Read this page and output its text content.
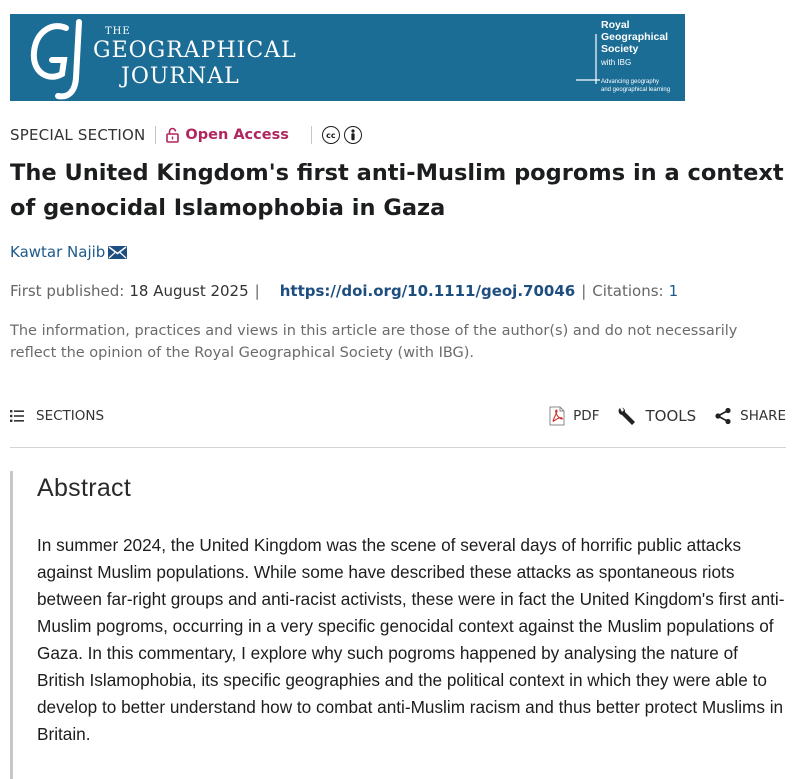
THE
GEOGRAPHICAL
JOURNAL
Royal
Geographical
Society
with IBG
Advancing geography
and geographical learning
SPECIAL SECTION	Open Access	cc
The United Kingdom's first anti-Muslim pogroms in a context of genocidal Islamophobia in Gaza
Kawtar Najib
First published: 18 August 2025 | https://doi.org/10.1111/geoj.70046 | Citations: 1

The information, practices and views in this article are those of the author(s) and do not necessarily reflect the opinion of the Royal Geographical Society (with IBG).

SECTIONS	PDF	TOOLS	SHARE
Abstract

In summer 2024, the United Kingdom was the scene of several days of horrific public attacks against Muslim populations. While some have described these attacks as spontaneous riots between far-right groups and anti-racist activists, these were in fact the United Kingdom's first anti-Muslim pogroms, occurring in a very specific genocidal context against the Muslim populations of Gaza. In this commentary, I explore why such pogroms happened by analysing the nature of British Islamophobia, its specific geographies and the political context in which they were able to develop to better understand how to combat anti-Muslim racism and thus better protect Muslims in Britain.
